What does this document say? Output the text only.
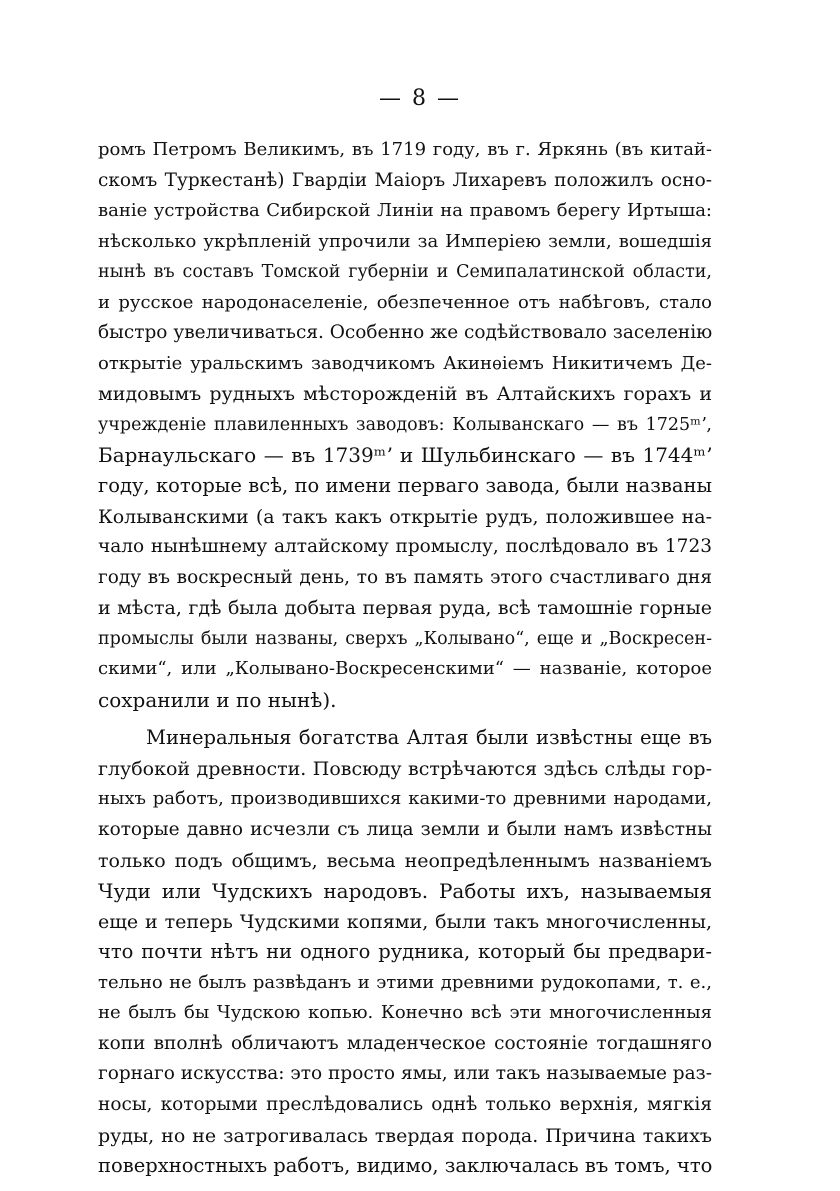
— 8 —
ромъ Петромъ Великимъ, въ 1719 году, въ г. Яркянь (въ китай-
скомъ Туркестанѣ) Гвардіи Маіоръ Лихаревъ положилъ осно-
ваніе устройства Сибирской Линіи на правомъ берегу Иртыша:
нѣсколько укрѣпленій упрочили за Имперіею земли, вошедшія
нынѣ въ составъ Томской губерніи и Семипалатинской области,
и русское народонаселеніе, обезпеченное отъ набѣговъ, стало
быстро увеличиваться. Особенно же содѣйствовало заселенію
открытіе уральскимъ заводчикомъ Акинѳіемъ Никитичемъ Де-
мидовымъ рудныхъ мѣсторожденій въ Алтайскихъ горахъ и
учрежденіе плавиленныхъ заводовъ: Колыванскаго — въ 1725ᵐʼ,
Барнаульскаго — въ 1739ᵐʼ и Шульбинскаго — въ 1744ᵐʼ
году, которые всѣ, по имени перваго завода, были названы
Колыванскими (а такъ какъ открытіе рудъ, положившее на-
чало нынѣшнему алтайскому промыслу, послѣдовало въ 1723
году въ воскресный день, то въ память этого счастливаго дня
и мѣста, гдѣ была добыта первая руда, всѣ тамошніе горные
промыслы были названы, сверхъ „Колывано“, еще и „Воскресен-
скими“, или „Колывано-Воскресенскими“ — названіе, которое
сохранили и по нынѣ).
Минеральныя богатства Алтая были извѣстны еще въ
глубокой древности. Повсюду встрѣчаются здѣсь слѣды гор-
ныхъ работъ, производившихся какими-то древними народами,
которые давно исчезли съ лица земли и были намъ извѣстны
только подъ общимъ, весьма неопредѣленнымъ названіемъ
Чуди или Чудскихъ народовъ. Работы ихъ, называемыя
еще и теперь Чудскими копями, были такъ многочисленны,
что почти нѣтъ ни одного рудника, который бы предвари-
тельно не былъ развѣданъ и этими древними рудокопами, т. е.,
не былъ бы Чудскою копью. Конечно всѣ эти многочисленныя
копи вполнѣ обличаютъ младенческое состояніе тогдашняго
горнаго искусства: это просто ямы, или такъ называемые раз-
носы, которыми преслѣдовались однѣ только верхнія, мягкія
руды, но не затрогивалась твердая порода. Причина такихъ
поверхностныхъ работъ, видимо, заключалась въ томъ, что
